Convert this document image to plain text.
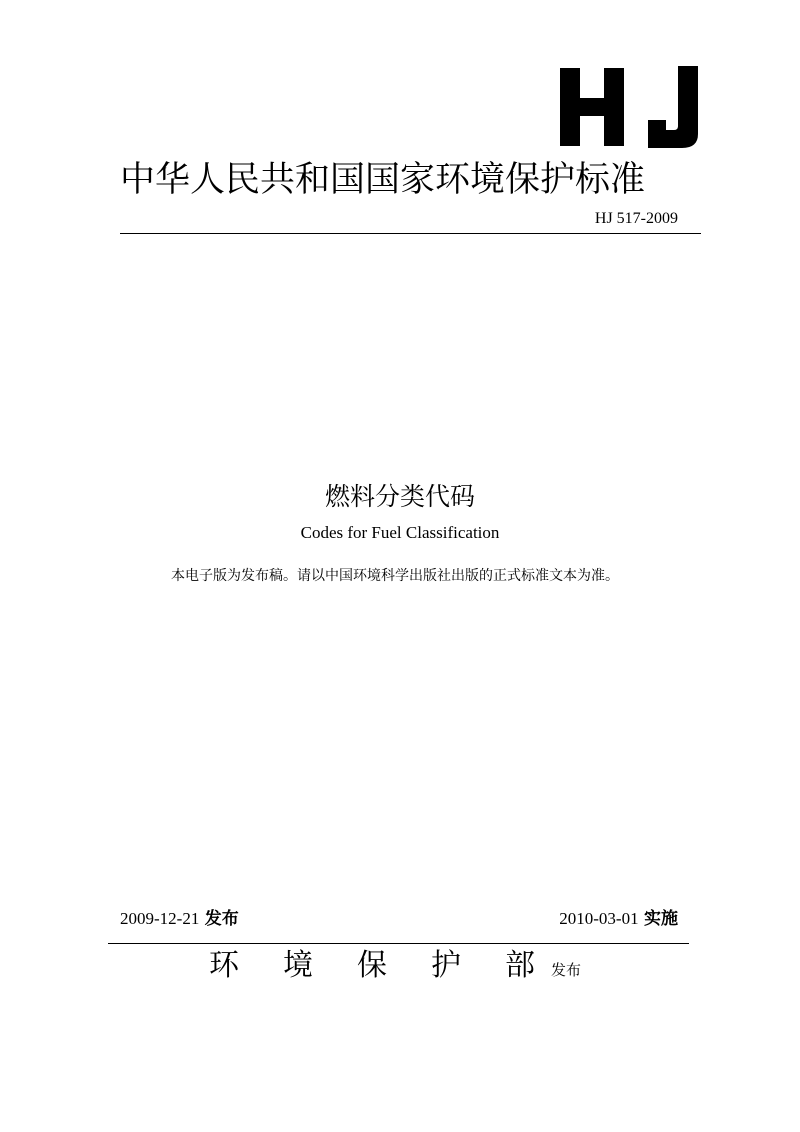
中华人民共和国国家环境保护标准
HJ 517-2009
燃料分类代码
Codes for Fuel Classification
本电子版为发布稿。请以中国环境科学出版社出版的正式标准文本为准。
2009-12-21 发布	2010-03-01 实施
环 境 保 护 部 发布
